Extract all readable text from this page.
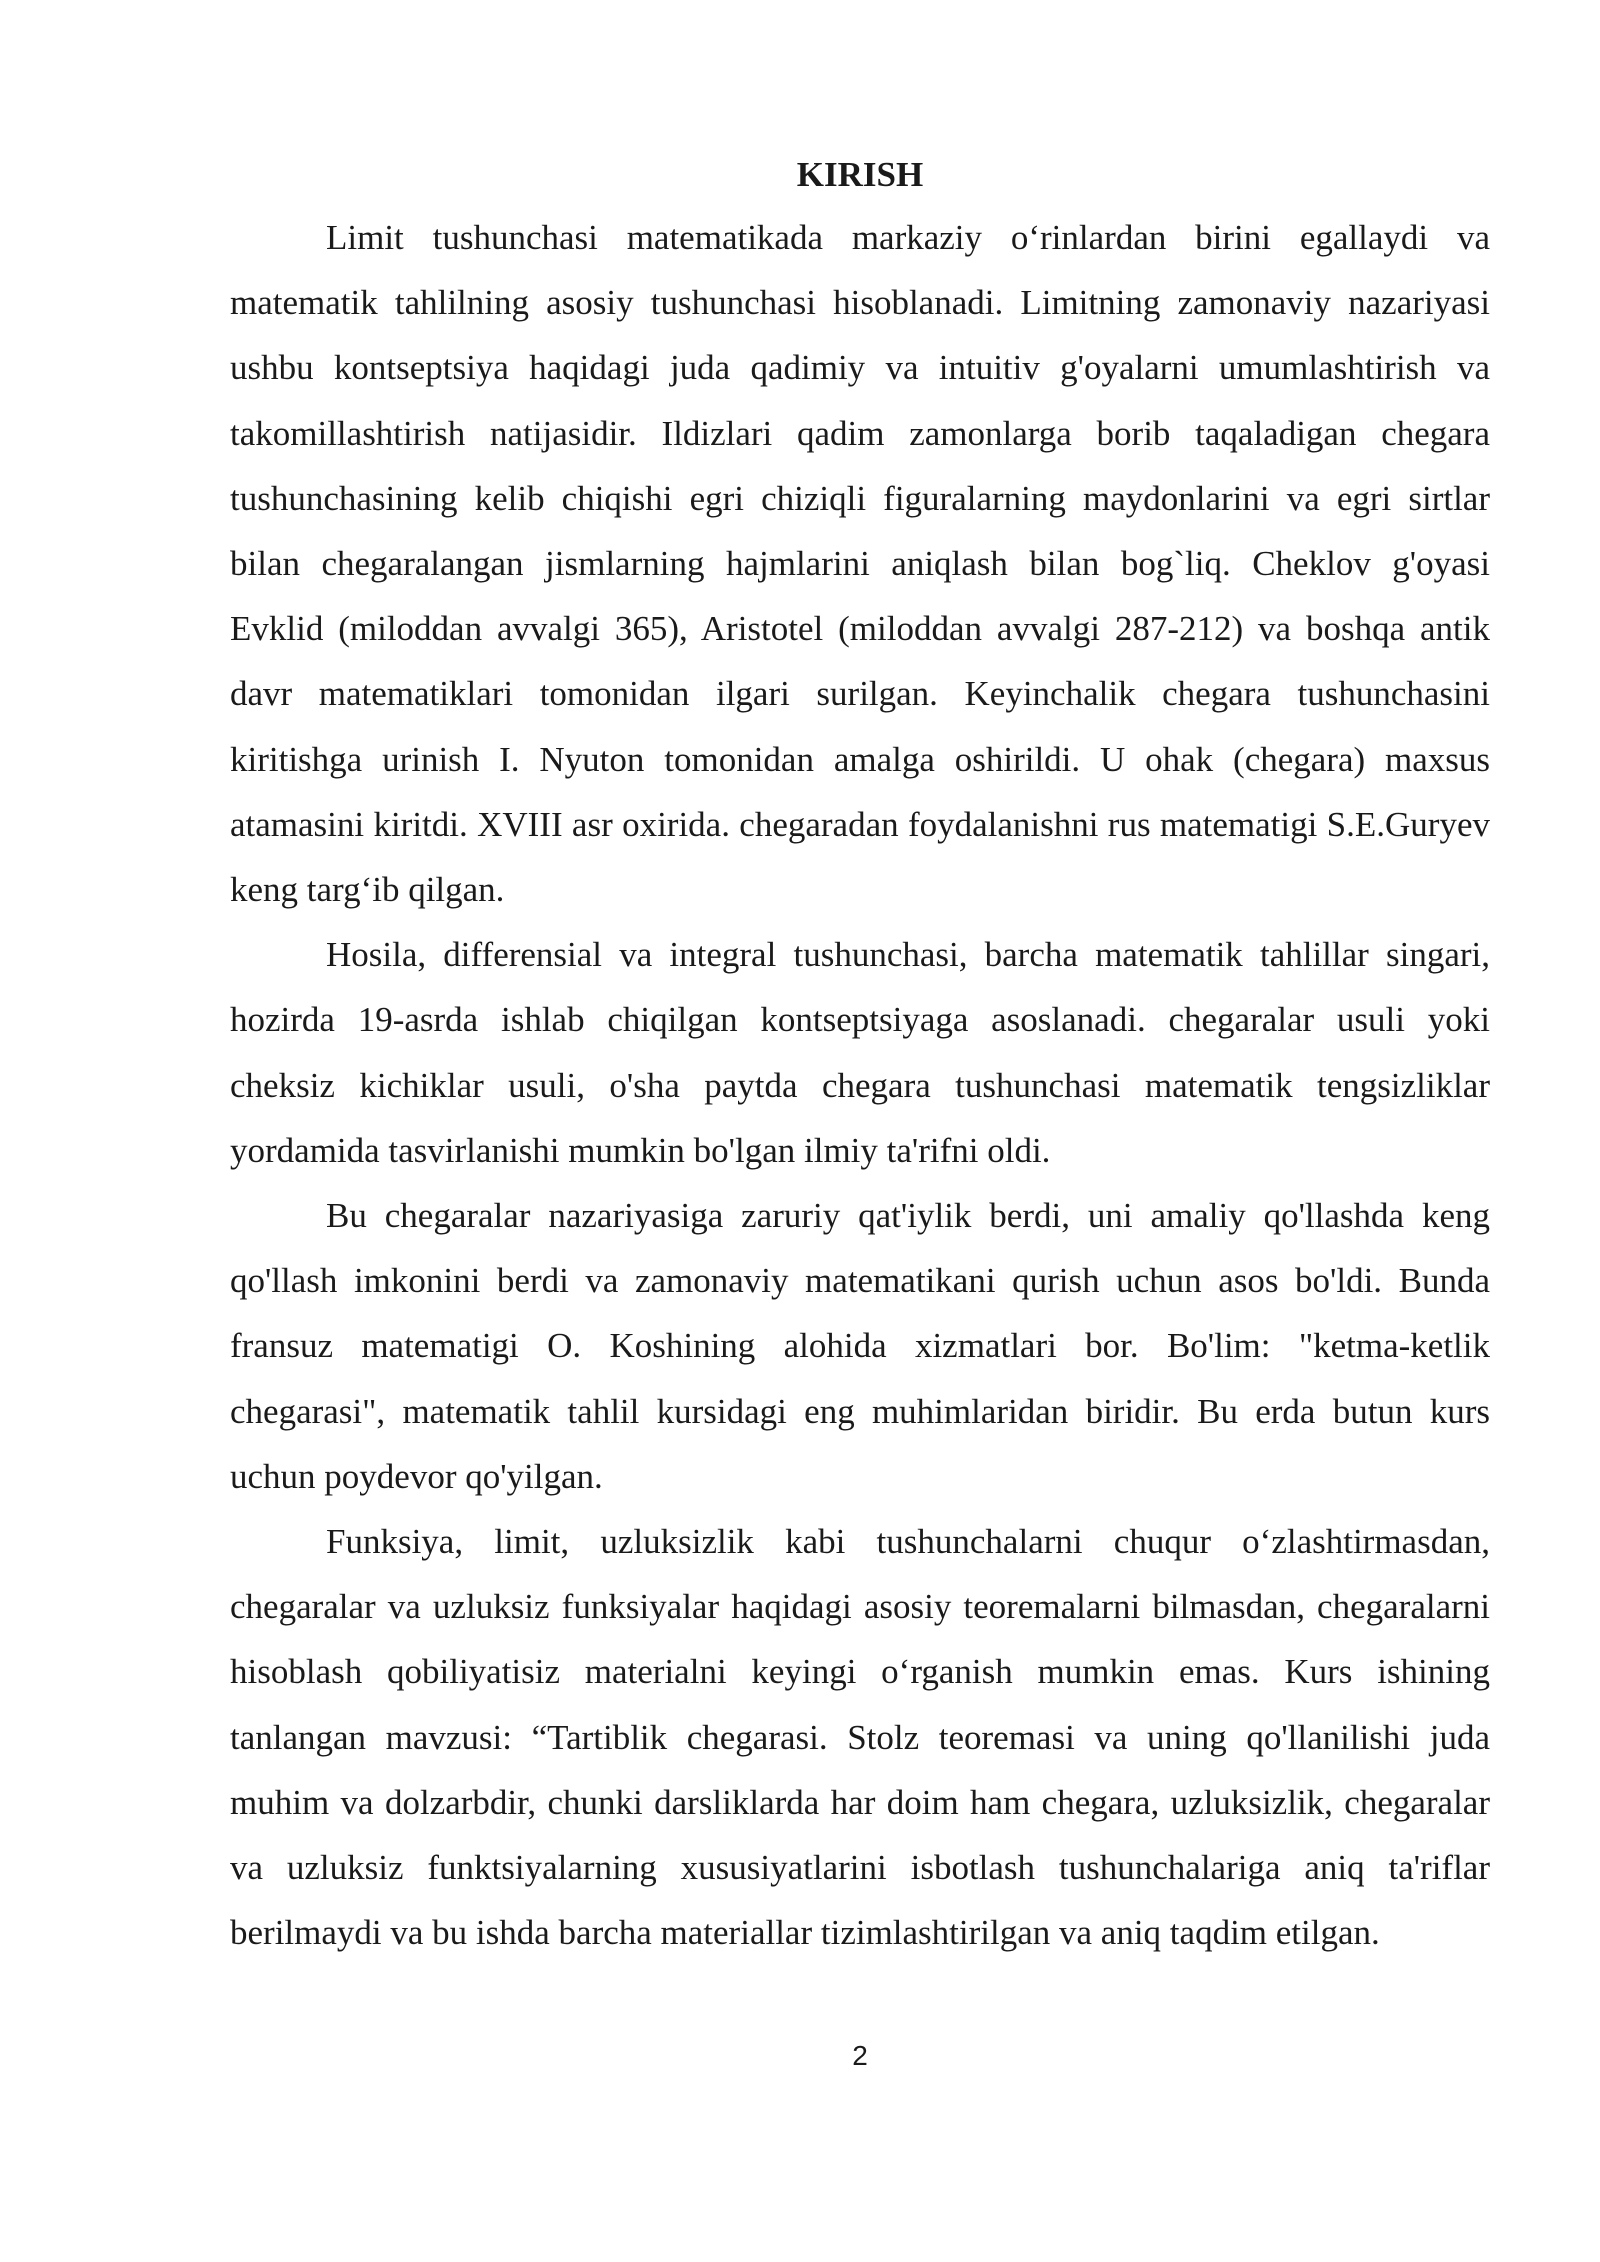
KIRISH

Limit tushunchasi matematikada markaziy o‘rinlardan birini egallaydi va matematik tahlilning asosiy tushunchasi hisoblanadi. Limitning zamonaviy nazariyasi ushbu kontseptsiya haqidagi juda qadimiy va intuitiv g'oyalarni umumlashtirish va takomillashtirish natijasidir. Ildizlari qadim zamonlarga borib taqaladigan chegara tushunchasining kelib chiqishi egri chiziqli figuralarning maydonlarini va egri sirtlar bilan chegaralangan jismlarning hajmlarini aniqlash bilan bog`liq. Cheklov g'oyasi Evklid (miloddan avvalgi 365), Aristotel (miloddan avvalgi 287-212) va boshqa antik davr matematiklari tomonidan ilgari surilgan. Keyinchalik chegara tushunchasini kiritishga urinish I. Nyuton tomonidan amalga oshirildi. U ohak (chegara) maxsus atamasini kiritdi. XVIII asr oxirida. chegaradan foydalanishni rus matematigi S.E.Guryev keng targ‘ib qilgan.

Hosila, differensial va integral tushunchasi, barcha matematik tahlillar singari, hozirda 19-asrda ishlab chiqilgan kontseptsiyaga asoslanadi. chegaralar usuli yoki cheksiz kichiklar usuli, o'sha paytda chegara tushunchasi matematik tengsizliklar yordamida tasvirlanishi mumkin bo'lgan ilmiy ta'rifni oldi.

Bu chegaralar nazariyasiga zaruriy qat'iylik berdi, uni amaliy qo'llashda keng qo'llash imkonini berdi va zamonaviy matematikani qurish uchun asos bo'ldi. Bunda fransuz matematigi O. Koshining alohida xizmatlari bor. Bo'lim: "ketma-ketlik chegarasi", matematik tahlil kursidagi eng muhimlaridan biridir. Bu erda butun kurs uchun poydevor qo'yilgan.

Funksiya, limit, uzluksizlik kabi tushunchalarni chuqur o‘zlashtirmasdan, chegaralar va uzluksiz funksiyalar haqidagi asosiy teoremalarni bilmasdan, chegaralarni hisoblash qobiliyatisiz materialni keyingi o‘rganish mumkin emas. Kurs ishining tanlangan mavzusi: “Tartiblik chegarasi. Stolz teoremasi va uning qo'llanilishi juda muhim va dolzarbdir, chunki darsliklarda har doim ham chegara, uzluksizlik, chegaralar va uzluksiz funktsiyalarning xususiyatlarini isbotlash tushunchalariga aniq ta'riflar berilmaydi va bu ishda barcha materiallar tizimlashtirilgan va aniq taqdim etilgan.

2
